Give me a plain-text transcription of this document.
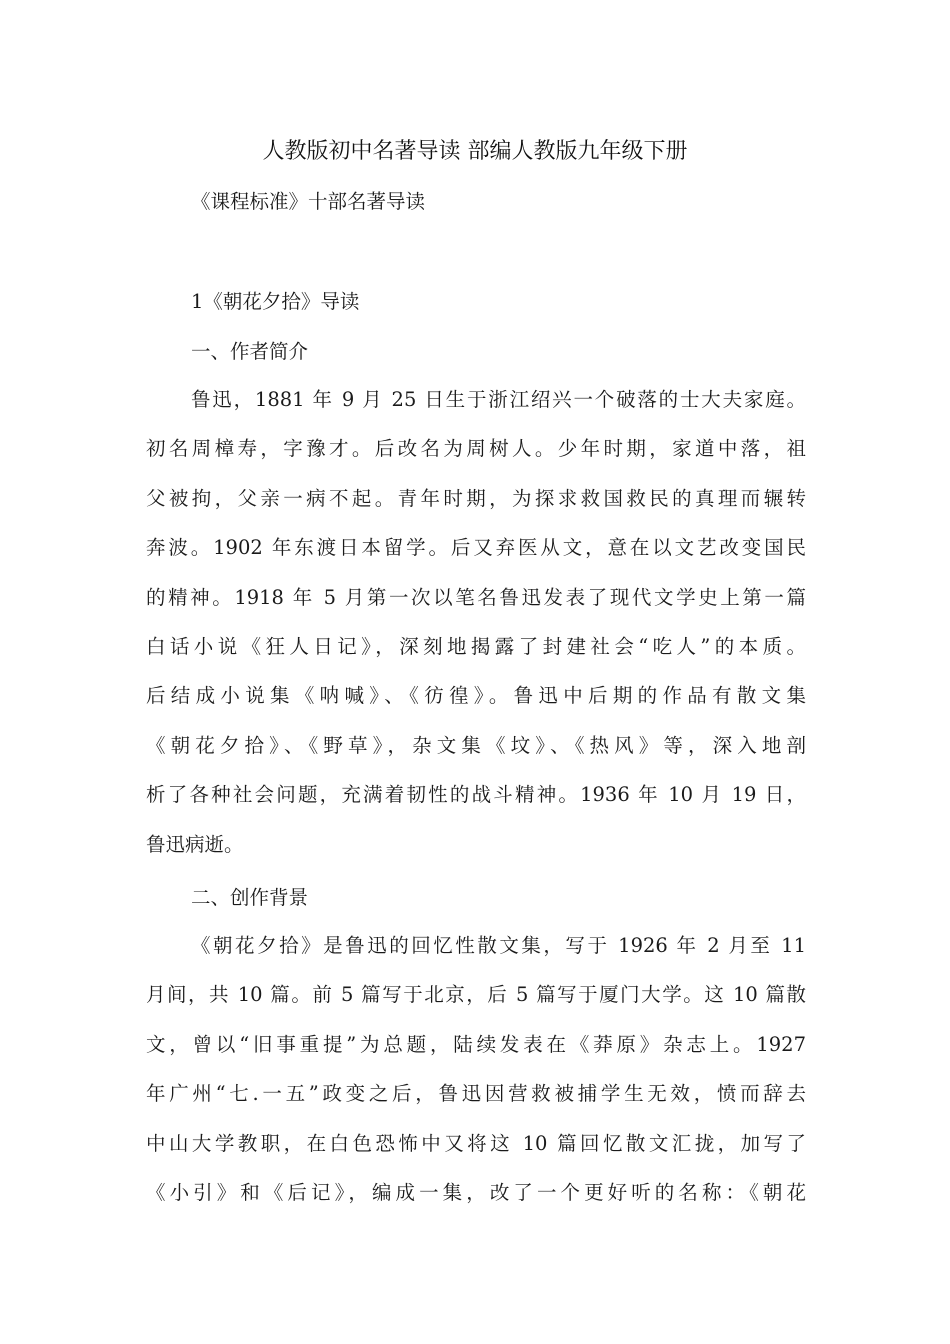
人教版初中名著导读 部编人教版九年级下册
《课程标准》十部名著导读
1《朝花夕拾》导读
一、作者简介
鲁迅，1881 年 9 月 25 日生于浙江绍兴一个破落的士大夫家庭。
初名周樟寿，字豫才。后改名为周树人。少年时期，家道中落，祖
父被拘，父亲一病不起。青年时期，为探求救国救民的真理而辗转
奔波。1902 年东渡日本留学。后又弃医从文，意在以文艺改变国民
的精神。1918 年 5 月第一次以笔名鲁迅发表了现代文学史上第一篇
白话小说《狂人日记》，深刻地揭露了封建社会“吃人”的本质。
后结成小说集《呐喊》、《彷徨》。鲁迅中后期的作品有散文集
《朝花夕拾》、《野草》，杂文集《坟》、《热风》等，深入地剖
析了各种社会问题，充满着韧性的战斗精神。1936 年 10 月 19 日，
鲁迅病逝。
二、创作背景
《朝花夕拾》是鲁迅的回忆性散文集，写于 1926 年 2 月至 11
月间，共 10 篇。前 5 篇写于北京，后 5 篇写于厦门大学。这 10 篇散
文，曾以“旧事重提”为总题，陆续发表在《莽原》杂志上。1927
年广州“七.一五”政变之后，鲁迅因营救被捕学生无效，愤而辞去
中山大学教职，在白色恐怖中又将这 10 篇回忆散文汇拢，加写了
《小引》和《后记》，编成一集，改了一个更好听的名称：《朝花
